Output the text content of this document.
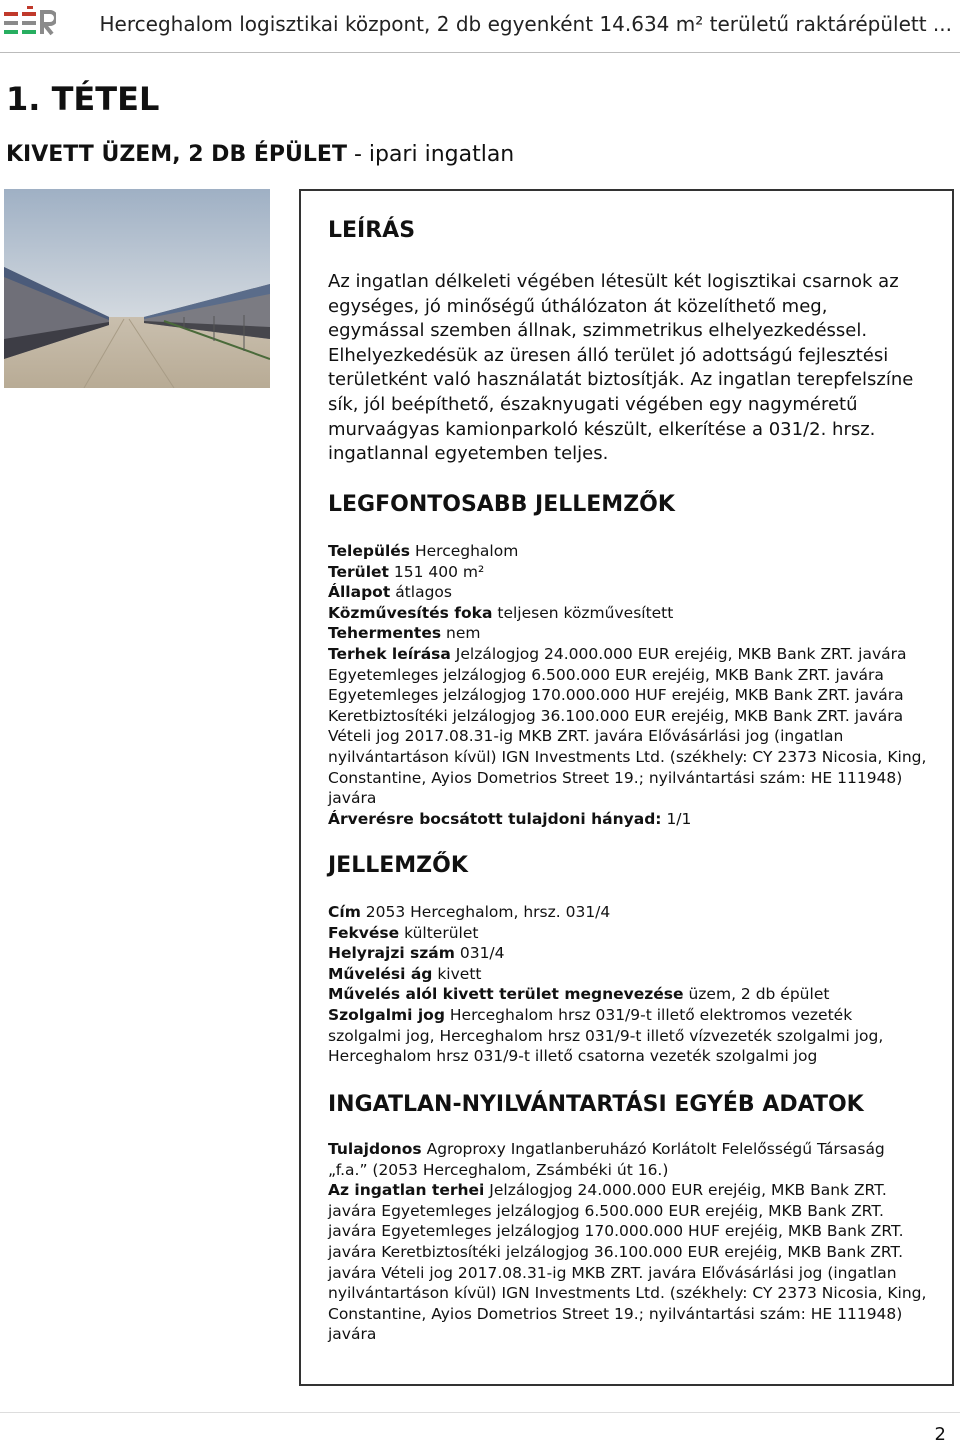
Herceghalom logisztikai központ, 2 db egyenként 14.634 m² területű raktárépülett ...
1. TÉTEL
KIVETT ÜZEM, 2 DB ÉPÜLET - ipari ingatlan
LEÍRÁS

Az ingatlan délkeleti végében létesült két logisztikai csarnok az egységes, jó minőségű úthálózaton át közelíthető meg, egymással szemben állnak, szimmetrikus elhelyezkedéssel. Elhelyezkedésük az üresen álló terület jó adottságú fejlesztési területként való használatát biztosítják. Az ingatlan terepfelszíne sík, jól beépíthető, északnyugati végében egy nagyméretű murvaágyas kamionparkoló készült, elkerítése a 031/2. hrsz. ingatlannal egyetemben teljes.

LEGFONTOSABB JELLEMZŐK
Település Herceghalom
Terület 151 400 m²
Állapot átlagos
Közművesítés foka teljesen közművesített
Tehermentes nem
Terhek leírása Jelzálogjog 24.000.000 EUR erejéig, MKB Bank ZRT. javára Egyetemleges jelzálogjog 6.500.000 EUR erejéig, MKB Bank ZRT. javára Egyetemleges jelzálogjog 170.000.000 HUF erejéig, MKB Bank ZRT. javára Keretbiztosítéki jelzálogjog 36.100.000 EUR erejéig, MKB Bank ZRT. javára Vételi jog 2017.08.31-ig MKB ZRT. javára Elővásárlási jog (ingatlan nyilvántartáson kívül) IGN Investments Ltd. (székhely: CY 2373 Nicosia, King, Constantine, Ayios Dometrios Street 19.; nyilvántartási szám: HE 111948) javára
Árverésre bocsátott tulajdoni hányad: 1/1
JELLEMZŐK
Cím 2053 Herceghalom, hrsz. 031/4
Fekvése külterület
Helyrajzi szám 031/4
Művelési ág kivett
Művelés alól kivett terület megnevezése üzem, 2 db épület
Szolgalmi jog Herceghalom hrsz 031/9-t illető elektromos vezeték szolgalmi jog, Herceghalom hrsz 031/9-t illető vízvezeték szolgalmi jog, Herceghalom hrsz 031/9-t illető csatorna vezeték szolgalmi jog
INGATLAN-NYILVÁNTARTÁSI EGYÉB ADATOK
Tulajdonos Agroproxy Ingatlanberuházó Korlátolt Felelősségű Társaság „f.a.” (2053 Herceghalom, Zsámbéki út 16.)
Az ingatlan terhei Jelzálogjog 24.000.000 EUR erejéig, MKB Bank ZRT. javára Egyetemleges jelzálogjog 6.500.000 EUR erejéig, MKB Bank ZRT. javára Egyetemleges jelzálogjog 170.000.000 HUF erejéig, MKB Bank ZRT. javára Keretbiztosítéki jelzálogjog 36.100.000 EUR erejéig, MKB Bank ZRT. javára Vételi jog 2017.08.31-ig MKB ZRT. javára Elővásárlási jog (ingatlan nyilvántartáson kívül) IGN Investments Ltd. (székhely: CY 2373 Nicosia, King, Constantine, Ayios Dometrios Street 19.; nyilvántartási szám: HE 111948) javára
2
